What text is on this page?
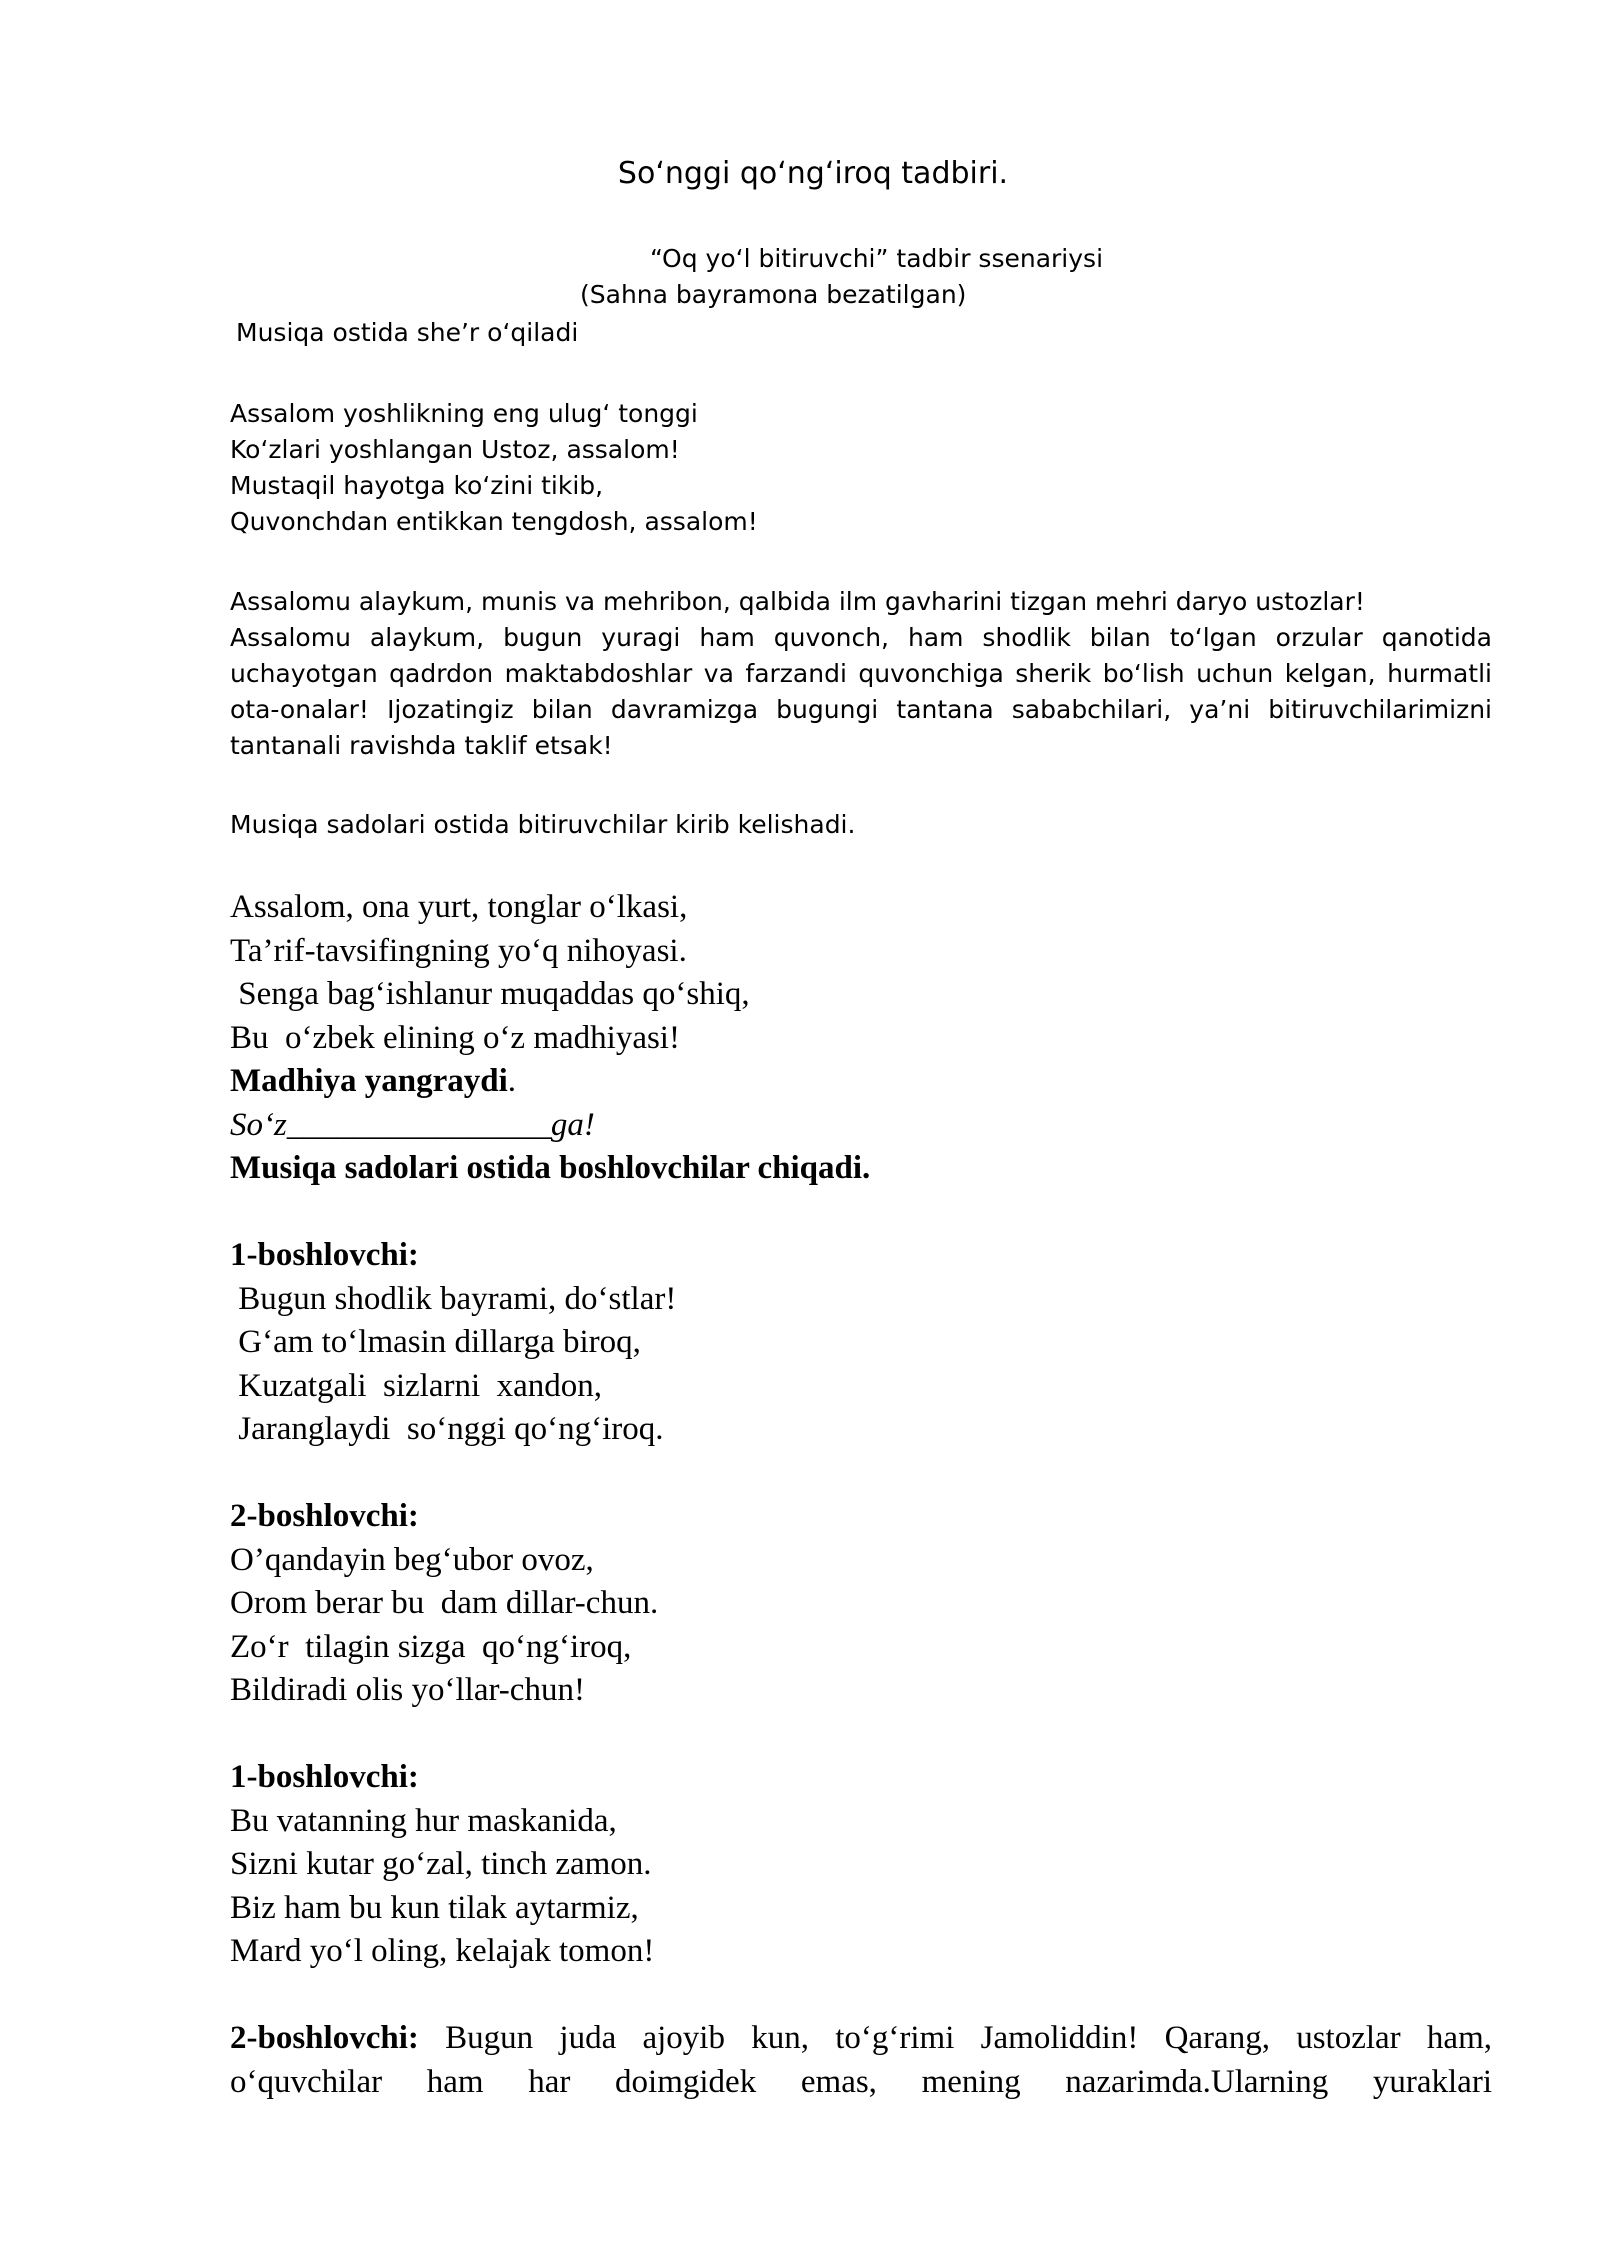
So‘nggi qo‘ng‘iroq tadbiri.
“Oq yo‘l bitiruvchi” tadbir ssenariysi
(Sahna bayramona bezatilgan)
Musiqa ostida she’r o‘qiladi
Assalom yoshlikning eng ulug‘ tonggi
Ko‘zlari yoshlangan Ustoz, assalom!
Mustaqil hayotga ko‘zini tikib,
Quvonchdan entikkan tengdosh, assalom!
Assalomu alaykum, munis va mehribon, qalbida ilm gavharini tizgan mehri daryo ustozlar!
Assalomu alaykum, bugun yuragi ham quvonch, ham shodlik bilan to‘lgan orzular qanotida uchayotgan qadrdon maktabdoshlar va farzandi quvonchiga sherik bo‘lish uchun kelgan, hurmatli ota-onalar! Ijozatingiz bilan davramizga bugungi tantana sababchilari, ya’ni bitiruvchilarimizni tantanali ravishda taklif etsak!
Musiqa sadolari ostida bitiruvchilar kirib kelishadi.
Assalom, ona yurt, tonglar o‘lkasi,
Ta’rif-tavsifingning yo‘q nihoyasi.
Senga bag‘ishlanur muqaddas qo‘shiq,
Bu  o‘zbek elining o‘z madhiyasi!
Madhiya yangraydi.
So‘z________________ga!
Musiqa sadolari ostida boshlovchilar chiqadi.
1-boshlovchi:
Bugun shodlik bayrami, do‘stlar!
G‘am to‘lmasin dillarga biroq,
Kuzatgali  sizlarni  xandon,
Jaranglaydi  so‘nggi qo‘ng‘iroq.
2-boshlovchi:
O’qandayin beg‘ubor ovoz,
Orom berar bu  dam dillar-chun.
Zo‘r  tilagin sizga  qo‘ng‘iroq,
Bildiradi olis yo‘llar-chun!
1-boshlovchi:
Bu vatanning hur maskanida,
Sizni kutar go‘zal, tinch zamon.
Biz ham bu kun tilak aytarmiz,
Mard yo‘l oling, kelajak tomon!
2-boshlovchi: Bugun juda ajoyib kun, to‘g‘rimi Jamoliddin! Qarang, ustozlar ham,
o‘quvchilar ham har doimgidek emas, mening nazarimda.Ularning yuraklari
